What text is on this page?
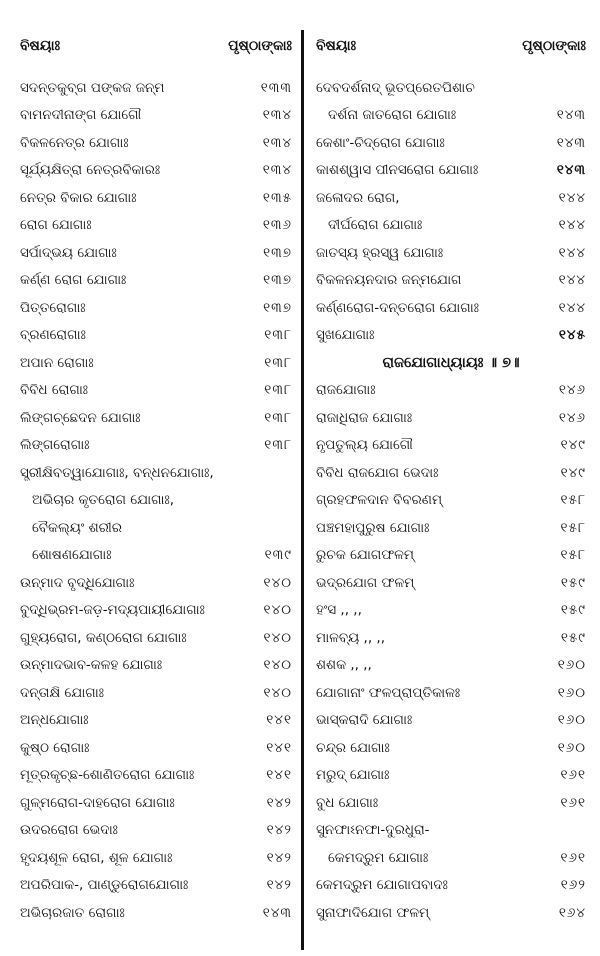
ବିଷୟାଃ	ପୃଷ୍ଠାଙ୍କାଃ
ସଦନ୍ତକୁବ୍ଗ ପଙ୍କଜ ଜନ୍ମ	୧୩୩
ବାମନଦୀନାଙ୍ଗ ଯୋଗୌ	୧୩୪
ବିକଳନେତ୍ର ଯୋଗାଃ	୧୩୪
ସୂର୍ଯ୍ୟକ୍ଷିତ୍ରା ନେତ୍ରବିକାରଃ	୧୩୪
ନେତ୍ର ବିକାର ଯୋଗାଃ	୧୩୫
ରୋଗ ଯୋଗାଃ	୧୩୬
ସର୍ପାଦ୍ଭୟ ଯୋଗାଃ	୧୩୭
କର୍ଣ୍ଣ ରୋଗ ଯୋଗାଃ	୧୩୭
ପିତ୍ତରୋଗାଃ	୧୩୭
ବ୍ରଣରୋଗାଃ	୧୩୮
ଅପାନ ରୋଗାଃ	୧୩୮
ବିବିଧ ରୋଗାଃ	୧୩୮
ଲିଙ୍ଗଚ୍ଛେଦନ ଯୋଗାଃ	୧୩୮
ଲିଙ୍ଗରୋଗାଃ	୧୩୮
ସ୍ତ୍ରୀକ୍ଷିବତ୍ୱାଯୋଗାଃ, ବନ୍ଧନଯୋଗାଃ,
ଅଭିଚାର କୃତରୋଗ ଯୋଗାଃ,
ବୈକଲ୍ୟଂ ଶରୀର
ଶୋଷଣଯୋଗାଃ	୧୩୯
ଉନ୍ମାଦ ବୃଦ୍ଧିଯୋଗାଃ	୧୪୦
ବୁଦ୍ଧିଭ୍ରମ-ଜଡ଼-ମଦ୍ୟପାୟୀଯୋଗାଃ	୧୪୦
ଗୁହ୍ୟରୋଗ, କଣ୍ଠରୋଗ ଯୋଗାଃ	୧୪୦
ଉନ୍ମାଦଭାବ-କଳହ ଯୋଗାଃ	୧୪୦
ଦନ୍ତାକ୍ଷି ଯୋଗାଃ	୧୪୦
ଅନ୍ଧଯୋଗାଃ	୧୪୧
କୁଷ୍ଠ ରୋଗାଃ	୧୪୧
ମୂତ୍ରକୃଚ୍ଛ-ଶୋଣିତରୋଗ ଯୋଗାଃ	୧୪୧
ଗୁଳ୍ମରୋଗ-ଦାହରୋଗ ଯୋଗାଃ	୧୪୨
ଉଦରରୋଗ ଭେଦାଃ	୧୪୨
ହୃଦୟଶୂଳ ରୋଗ, ଶୂଳ ଯୋଗାଃ	୧୪୨
ଅପରିପାକ-, ପାଣ୍ଡୁରୋଗଯୋଗାଃ	୧୪୨
ଅଭିଚାରଜାତ ରୋଗାଃ	୧୪୩
ବିଷୟାଃ	ପୃଷ୍ଠାଙ୍କାଃ
ଦେବଦର୍ଶନାଦ୍ ଭୂତପ୍ରେତପିଶାଚ
ଦର୍ଶନା ଜାତରୋଗ ଯୋଗାଃ	୧୪୩
କେଶାଂ-ଚିଦ୍ରୋଗ ଯୋଗାଃ	୧୪୩
କାଶଶ୍ୱାସ ପୀନସରୋଗ ଯୋଗାଃ	୧୪୩
ଜଳୋଦର ରୋଗ,	୧୪୪
ଦୀର୍ଘରୋଗ ଯୋଗାଃ	୧୪୪
ଜାତସ୍ୟ ହ୍ରସ୍ୱ ଯୋଗାଃ	୧୪୪
ବିକଳନୟନଦାର ଜନ୍ମଯୋଗ	୧୪୪
କର୍ଣ୍ଣରୋଗ-ଦନ୍ତରୋଗ ଯୋଗାଃ	୧୪୪
ସୁଖଯୋଗାଃ	୧୪୫
ରାଜଯୋଗାଧ୍ୟାୟଃ ॥ ୭॥
ରାଜଯୋଗାଃ	୧୪୬
ରାଜାଧିରାଜ ଯୋଗାଃ	୧୪୬
ନୃପତୁଲ୍ୟ ଯୋଗୌ	୧୪୯
ବିବିଧ ରାଜଯୋଗ ଭେଦାଃ	୧୪୯
ଗ୍ରହଫଳଦାନ ବିବରଣମ୍	୧୫୮
ପଞ୍ଚମହାପୁରୁଷ ଯୋଗାଃ	୧୫୮
ରୁଚକ ଯୋଗଫଳମ୍	୧୫୮
ଭଦ୍ରଯୋଗ ଫଳମ୍	୧୫୯
ହଂସ ,, ,,	୧୫୯
ମାଳବ୍ୟ ,, ,,	୧୫୯
ଶଶକ ,, ,,	୧୬୦
ଯୋଗାନାଂ ଫଳପ୍ରାପ୍ତିକାଳଃ	୧୬୦
ଭାସ୍କରାଦି ଯୋଗାଃ	୧୬୦
ଚନ୍ଦ୍ର ଯୋଗାଃ	୧୬୦
ମରୁଦ୍ ଯୋଗାଃ	୧୬୧
ବୁଧ ଯୋଗାଃ	୧୬୧
ସୁନଫାଽନଫା-ଦୁରଧୁରା-
କେମଦ୍ରୁମ ଯୋଗାଃ	୧୬୧
କେମଦ୍ରୁମ ଯୋଗାପବାଦଃ	୧୬୨
ସୁନାଫାଦିଯୋଗ ଫଳମ୍	୧୬୪
